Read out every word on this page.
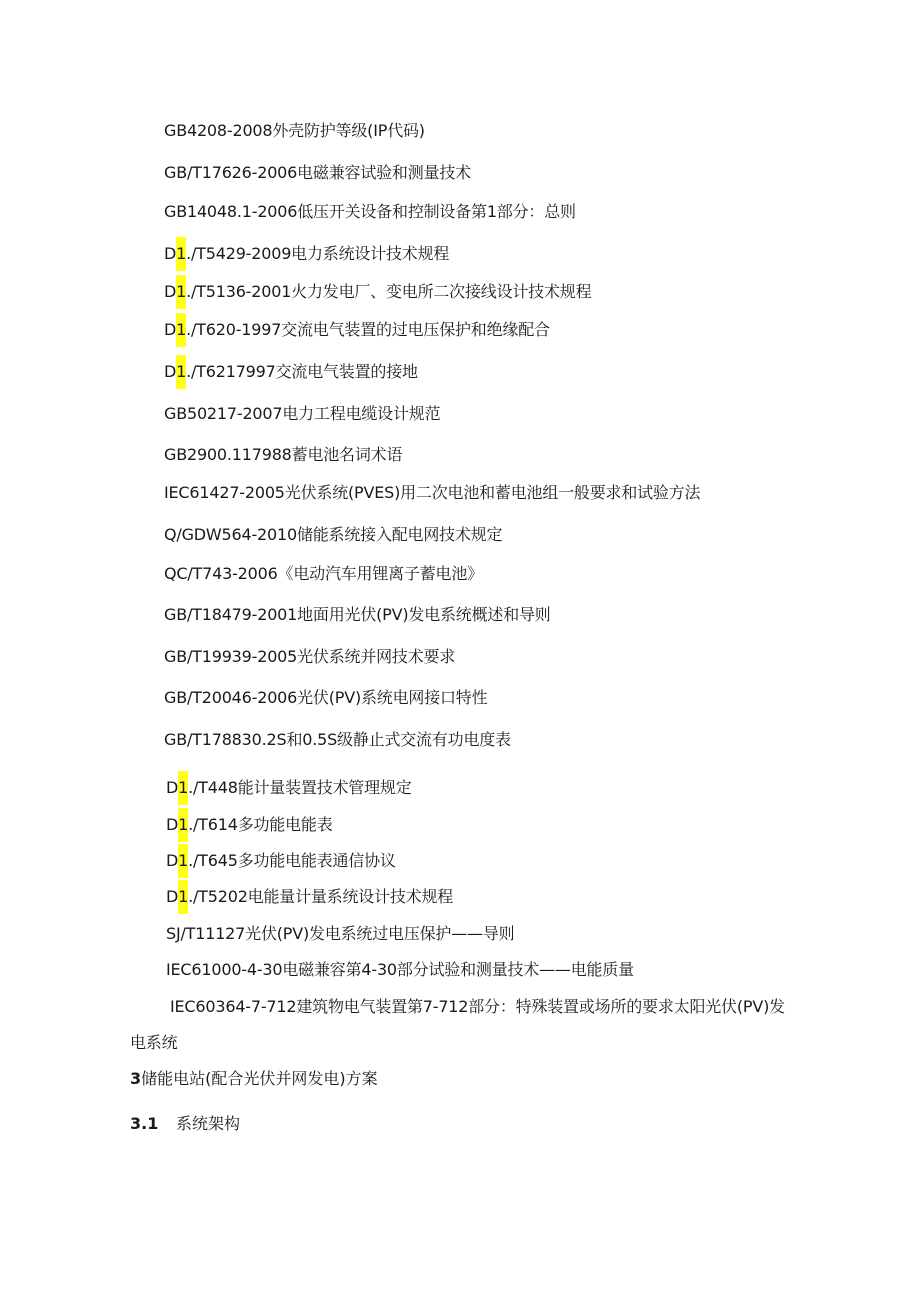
GB4208-2008外壳防护等级(IP代码)
GB/T17626-2006电磁兼容试验和测量技术
GB14048.1-2006低压开关设备和控制设备第1部分：总则
D1./T5429-2009电力系统设计技术规程
D1./T5136-2001火力发电厂、变电所二次接线设计技术规程
D1./T620-1997交流电气装置的过电压保护和绝缘配合
D1./T6217997交流电气装置的接地
GB50217-2007电力工程电缆设计规范
GB2900.117988蓄电池名词术语
IEC61427-2005光伏系统(PVES)用二次电池和蓄电池组一般要求和试验方法
Q/GDW564-2010储能系统接入配电网技术规定
QC/T743-2006《电动汽车用锂离子蓄电池》
GB/T18479-2001地面用光伏(PV)发电系统概述和导则
GB/T19939-2005光伏系统并网技术要求
GB/T20046-2006光伏(PV)系统电网接口特性
GB/T178830.2S和0.5S级静止式交流有功电度表
D1./T448能计量装置技术管理规定
D1./T614多功能电能表
D1./T645多功能电能表通信协议
D1./T5202电能量计量系统设计技术规程
SJ/T11127光伏(PV)发电系统过电压保护——导则
IEC61000-4-30电磁兼容第4-30部分试验和测量技术——电能质量
IEC60364-7-712建筑物电气装置第7-712部分：特殊装置或场所的要求太阳光伏(PV)发
电系统
3储能电站(配合光伏并网发电)方案
3.1 系统架构
